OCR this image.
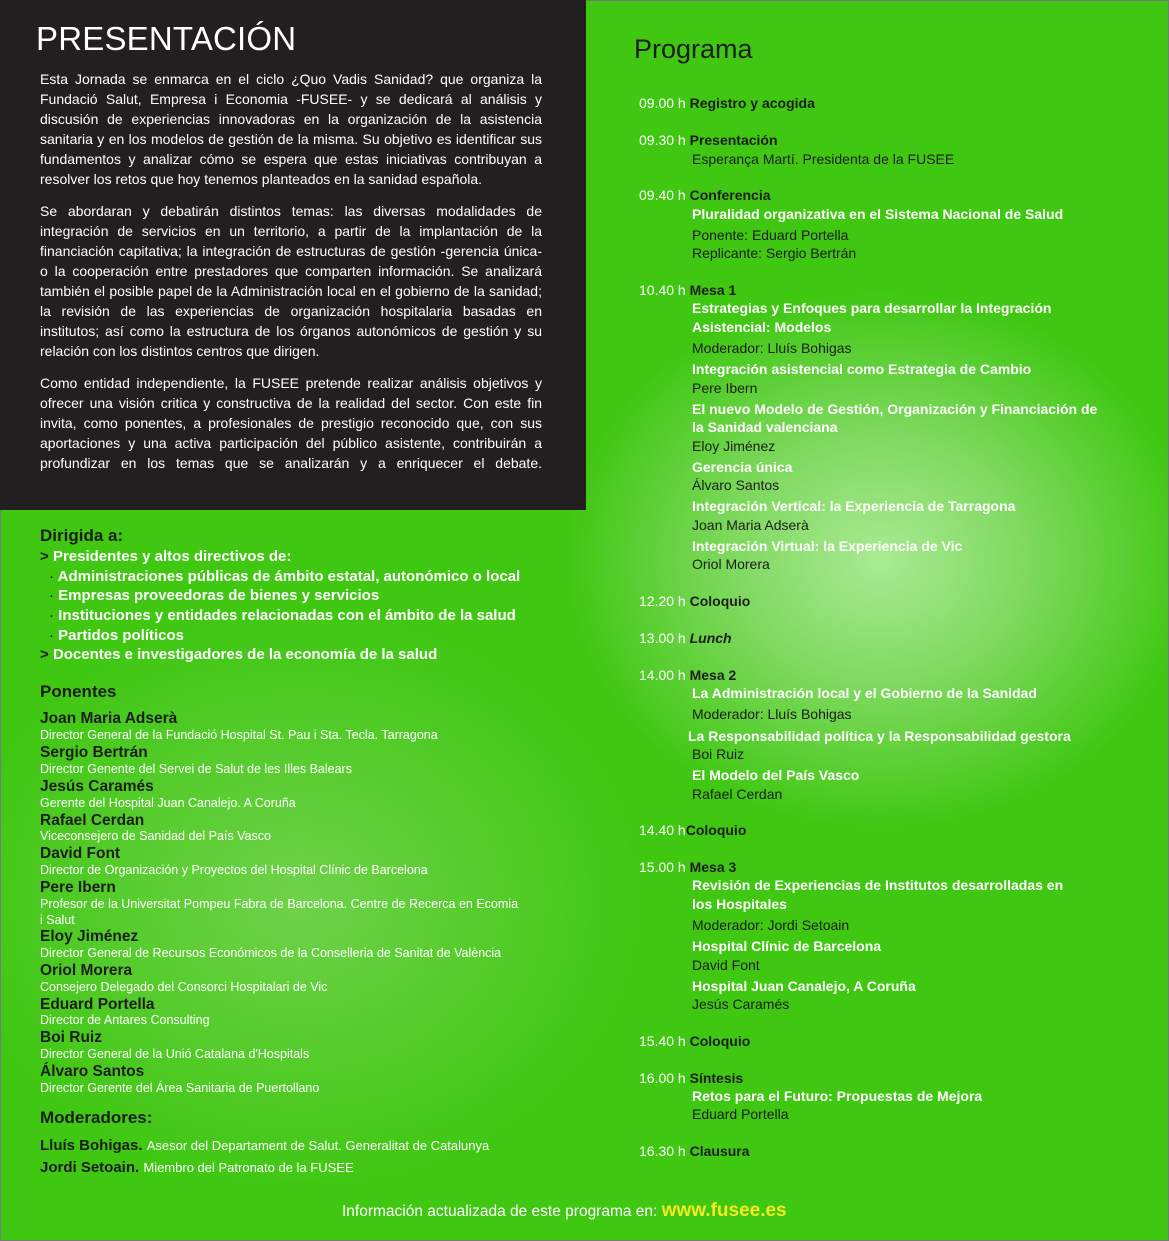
PRESENTACIÓN

Esta Jornada se enmarca en el ciclo ¿Quo Vadis Sanidad? que organiza la Fundació Salut, Empresa i Economia -FUSEE- y se dedicará al análisis y discusión de experiencias innovadoras en la organización de la asistencia sanitaria y en los modelos de gestión de la misma. Su objetivo es identificar sus fundamentos y analizar cómo se espera que estas iniciativas contribuyan a resolver los retos que hoy tenemos planteados en la sanidad española.

Se abordaran y debatirán distintos temas: las diversas modalidades de integración de servicios en un territorio, a partir de la implantación de la financiación capitativa; la integración de estructuras de gestión -gerencia única- o la cooperación entre prestadores que comparten información. Se analizará también el posible papel de la Administración local en el gobierno de la sanidad; la revisión de las experiencias de organización hospitalaria basadas en institutos; así como la estructura de los órganos autonómicos de gestión y su relación con los distintos centros que dirigen.

Como entidad independiente, la FUSEE pretende realizar análisis objetivos y ofrecer una visión critica y constructiva de la realidad del sector. Con este fin invita, como ponentes, a profesionales de prestigio reconocido que, con sus aportaciones y una activa participación del público asistente, contribuirán a profundizar en los temas que se analizarán y a enriquecer el debate.

Dirigida a:
> Presidentes y altos directivos de:
· Administraciones públicas de ámbito estatal, autonómico o local
· Empresas proveedoras de bienes y servicios
· Instituciones y entidades relacionadas con el ámbito de la salud
· Partidos políticos
> Docentes e investigadores de la economía de la salud
Ponentes
Joan Maria Adserà
Director General de la Fundació Hospital St. Pau i Sta. Tecla. Tarragona
Sergio Bertrán
Director Genente del Servei de Salut de les Illes Balears
Jesús Caramés
Gerente del Hospital Juan Canalejo. A Coruña
Rafael Cerdan
Viceconsejero de Sanidad del País Vasco
David Font
Director de Organización y Proyectos del Hospital Clínic de Barcelona
Pere Ibern
Profesor de la Universitat Pompeu Fabra de Barcelona. Centre de Recerca en Ecomia i Salut
Eloy Jiménez
Director General de Recursos Económicos de la Conselleria de Sanitat de València
Oriol Morera
Consejero Delegado del Consorci Hospitalari de Vic
Eduard Portella
Director de Antares Consulting
Boi Ruiz
Director General de la Unió Catalana d'Hospitals
Álvaro Santos
Director Gerente del Área Sanitaria de Puertollano
Moderadores:
Lluís Bohigas. Asesor del Departament de Salut. Generalitat de Catalunya
Jordi Setoain. Miembro del Patronato de la FUSEE
Programa
09.00 h Registro y acogida
09.30 h Presentación
Esperança Martí. Presidenta de la FUSEE
09.40 h Conferencia
Pluralidad organizativa en el Sistema Nacional de Salud
Ponente: Eduard Portella
Replicante: Sergio Bertrán
10.40 h Mesa 1
Estrategias y Enfoques para desarrollar la Integración
Asistencial: Modelos
Moderador: Lluís Bohigas
Integración asistencial como Estrategia de Cambio
Pere Ibern
El nuevo Modelo de Gestión, Organización y Financiación de
la Sanidad valenciana
Eloy Jiménez
Gerencia única
Álvaro Santos
Integración Vertical: la Experiencia de Tarragona
Joan Maria Adserà
Integración Virtual: la Experiencia de Vic
Oriol Morera
12.20 h Coloquio
13.00 h Lunch
14.00 h Mesa 2
La Administración local y el Gobierno de la Sanidad
Moderador: Lluís Bohigas
La Responsabilidad política y la Responsabilidad gestora
Boi Ruiz
El Modelo del País Vasco
Rafael Cerdan
14.40 hColoquio
15.00 h Mesa 3
Revisión de Experiencias de Institutos desarrolladas en
los Hospitales
Moderador: Jordi Setoain
Hospital Clínic de Barcelona
David Font
Hospital Juan Canalejo, A Coruña
Jesús Caramés
15.40 h Coloquio
16.00 h Síntesis
Retos para el Futuro: Propuestas de Mejora
Eduard Portella
16.30 h Clausura
Información actualizada de este programa en: www.fusee.es
